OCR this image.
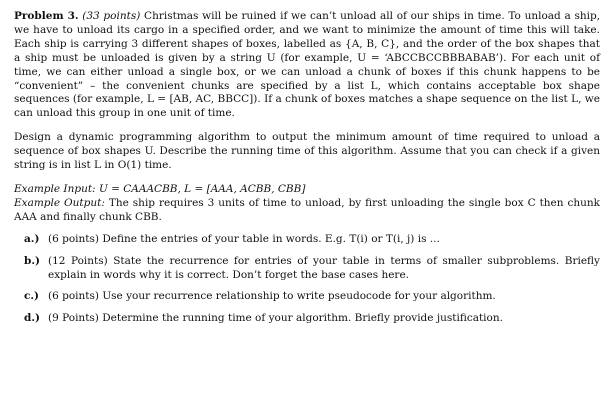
Problem 3. (33 points) Christmas will be ruined if we can’t unload all of our ships in time. To unload a ship, we have to unload its cargo in a specified order, and we want to minimize the amount of time this will take. Each ship is carrying 3 different shapes of boxes, labelled as {A, B, C}, and the order of the box shapes that a ship must be unloaded is given by a string U (for example, U = ‘ABCCBCCBBBABAB’). For each unit of time, we can either unload a single box, or we can unload a chunk of boxes if this chunk happens to be “convenient” – the convenient chunks are specified by a list L, which contains acceptable box shape sequences (for example, L = [AB, AC, BBCC]). If a chunk of boxes matches a shape sequence on the list L, we can unload this group in one unit of time.

Design a dynamic programming algorithm to output the minimum amount of time required to unload a sequence of box shapes U. Describe the running time of this algorithm. Assume that you can check if a given string is in list L in O(1) time.

Example Input: U = CAAACBB, L = [AAA, ACBB, CBB]

Example Output: The ship requires 3 units of time to unload, by first unloading the single box C then chunk AAA and finally chunk CBB.

a.) (6 points) Define the entries of your table in words. E.g. T(i) or T(i, j) is ...
b.) (12 Points) State the recurrence for entries of your table in terms of smaller subproblems. Briefly explain in words why it is correct. Don’t forget the base cases here.
c.) (6 points) Use your recurrence relationship to write pseudocode for your algorithm.
d.) (9 Points) Determine the running time of your algorithm. Briefly provide justification.
